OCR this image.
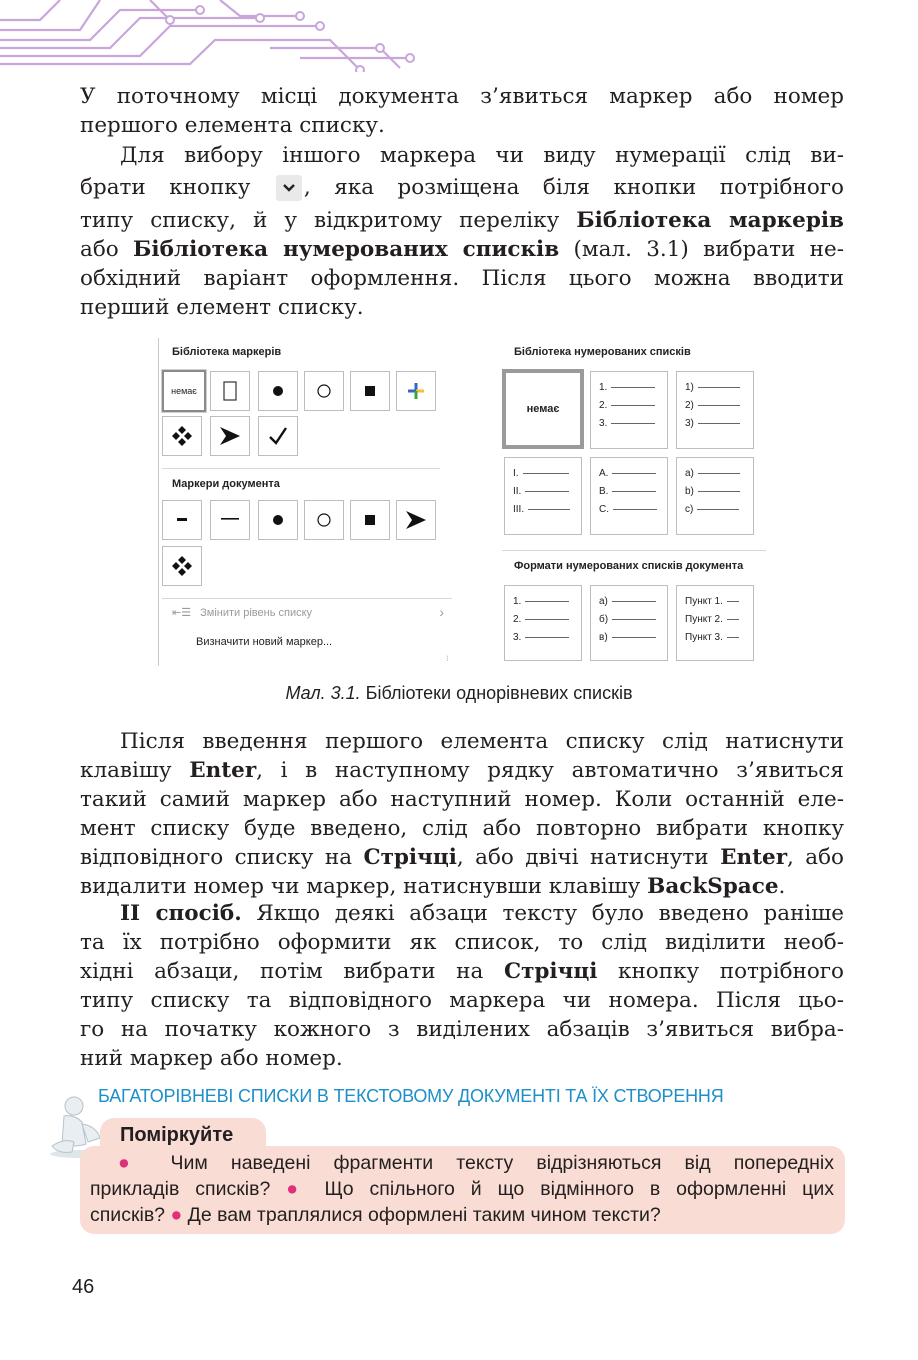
У поточному місці документа з’явиться маркер або номер
першого елемента списку.
Для вибору іншого маркера чи виду нумерації слід ви-
брати кнопку , яка розміщена біля кнопки потрібного
типу списку, й у відкритому переліку Бібліотека маркерів
або Бібліотека нумерованих списків (мал. 3.1) вибрати не-
обхідний варіант оформлення. Після цього можна вводити
перший елемент списку.
Бібліотека маркерів
немає
Маркери документа
⇤☰ Змінити рівень списку	›
Визначити новий маркер...
⁝
Бібліотека нумерованих списків
немає
1.
2.
3.
1)
2)
3)
I.
II.
III.
A.
B.
C.
a)
b)
c)
Формати нумерованих списків документа
1.
2.
3.
а)
б)
в)
Пункт 1.
Пункт 2.
Пункт 3.
Мал. 3.1. Бібліотеки однорівневих списків
Після введення першого елемента списку слід натиснути
клавішу Enter, і в наступному рядку автоматично з’явиться
такий самий маркер або наступний номер. Коли останній еле-
мент списку буде введено, слід або повторно вибрати кнопку
відповідного списку на Стрічці, або двічі натиснути Enter, або
видалити номер чи маркер, натиснувши клавішу BackSpace.
II спосіб. Якщо деякі абзаци тексту було введено раніше
та їх потрібно оформити як список, то слід виділити необ-
хідні абзаци, потім вибрати на Стрічці кнопку потрібного
типу списку та відповідного маркера чи номера. Після цьо-
го на початку кожного з виділених абзаців з’явиться вибра-
ний маркер або номер.
БАГАТОРІВНЕВІ СПИСКИ В ТЕКСТОВОМУ ДОКУМЕНТІ ТА ЇХ СТВОРЕННЯ
Поміркуйте
● Чим наведені фрагменти тексту відрізняються від попередніх
прикладів списків? ● Що спільного й що відмінного в оформленні цих
списків? ● Де вам траплялися оформлені таким чином тексти?
46
